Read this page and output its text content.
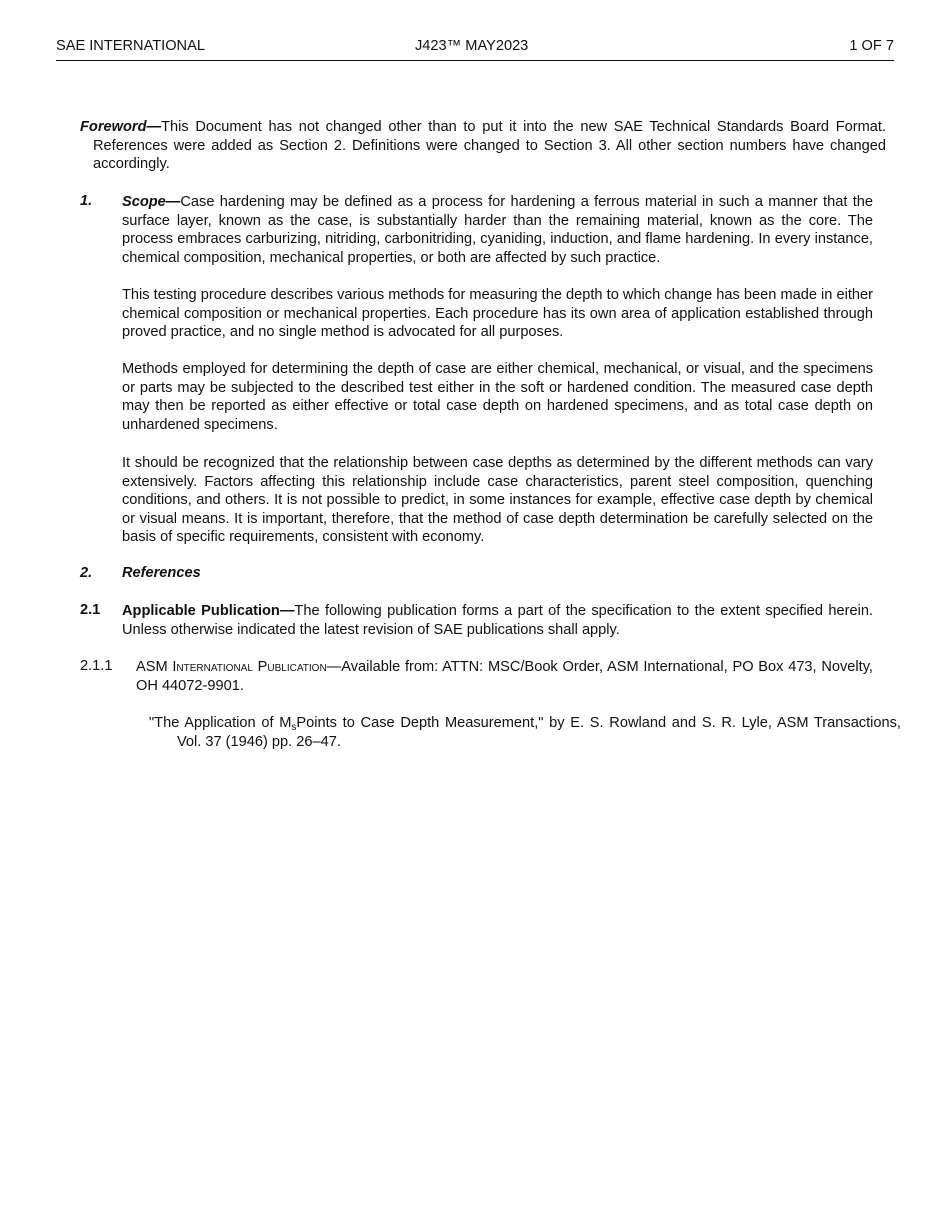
SAE INTERNATIONAL	J423™ MAY2023	1 OF 7

Foreword—This Document has not changed other than to put it into the new SAE Technical Standards Board Format. References were added as Section 2. Definitions were changed to Section 3. All other section numbers have changed accordingly.

1. Scope—Case hardening may be defined as a process for hardening a ferrous material in such a manner that the surface layer, known as the case, is substantially harder than the remaining material, known as the core. The process embraces carburizing, nitriding, carbonitriding, cyaniding, induction, and flame hardening. In every instance, chemical composition, mechanical properties, or both are affected by such practice.

This testing procedure describes various methods for measuring the depth to which change has been made in either chemical composition or mechanical properties. Each procedure has its own area of application established through proved practice, and no single method is advocated for all purposes.

Methods employed for determining the depth of case are either chemical, mechanical, or visual, and the specimens or parts may be subjected to the described test either in the soft or hardened condition. The measured case depth may then be reported as either effective or total case depth on hardened specimens, and as total case depth on unhardened specimens.

It should be recognized that the relationship between case depths as determined by the different methods can vary extensively. Factors affecting this relationship include case characteristics, parent steel composition, quenching conditions, and others. It is not possible to predict, in some instances for example, effective case depth by chemical or visual means. It is important, therefore, that the method of case depth determination be carefully selected on the basis of specific requirements, consistent with economy.

2. References
2.1 Applicable Publication—The following publication forms a part of the specification to the extent specified herein. Unless otherwise indicated the latest revision of SAE publications shall apply.

2.1.1 ASM International Publication—Available from: ATTN: MSC/Book Order, ASM International, PO Box 473, Novelty, OH 44072-9901.

"The Application of $M_sPoints$ to Case Depth Measurement," by E. S. Rowland and S. R. Lyle, ASM Transactions, Vol. 37 (1946) pp. 26–47.
